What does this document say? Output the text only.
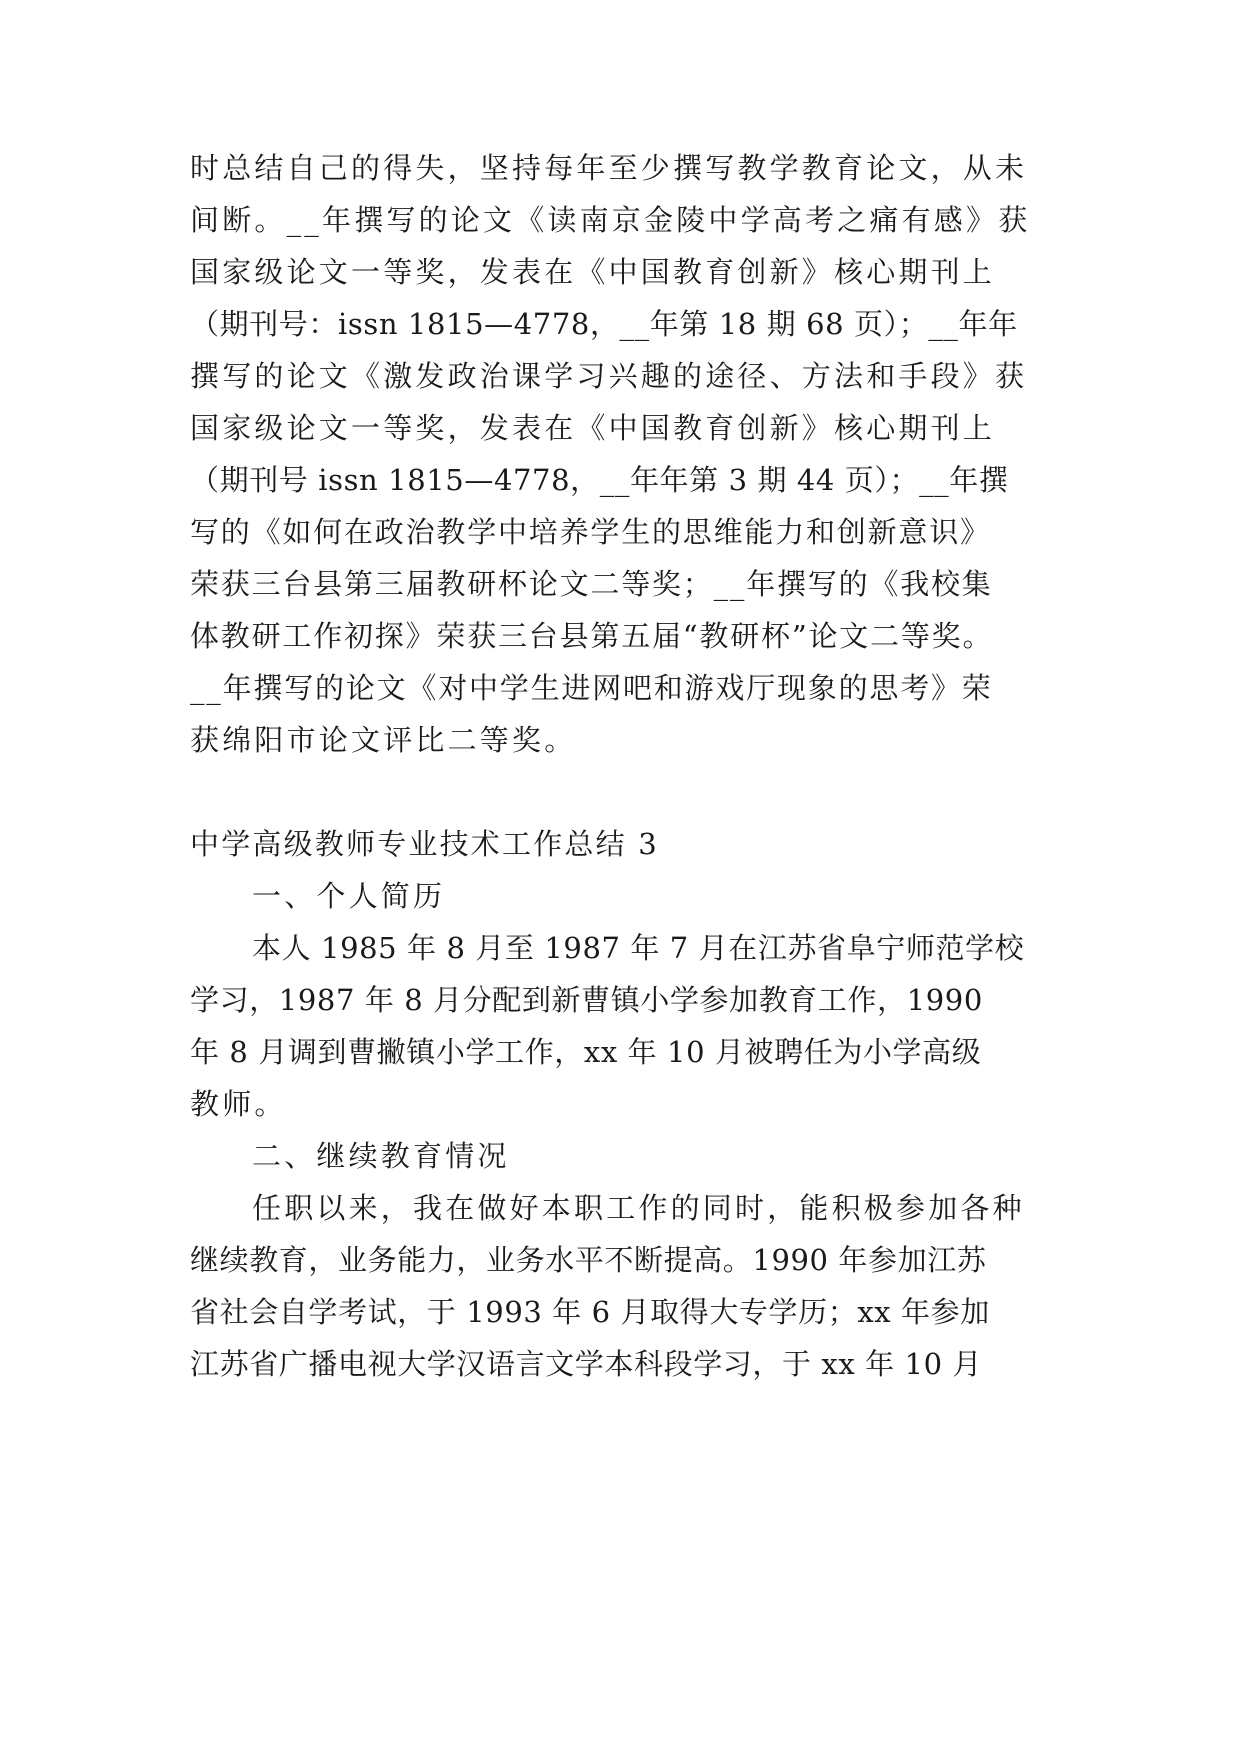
时总结自己的得失，坚持每年至少撰写教学教育论文，从未
间断。__年撰写的论文《读南京金陵中学高考之痛有感》获
国家级论文一等奖，发表在《中国教育创新》核心期刊上
（期刊号：issn 1815—4778，__年第 18 期 68 页）；__年年
撰写的论文《激发政治课学习兴趣的途径、方法和手段》获
国家级论文一等奖，发表在《中国教育创新》核心期刊上
（期刊号 issn 1815—4778，__年年第 3 期 44 页）；__年撰
写的《如何在政治教学中培养学生的思维能力和创新意识》
荣获三台县第三届教研杯论文二等奖；__年撰写的《我校集
体教研工作初探》荣获三台县第五届“教研杯”论文二等奖。
__年撰写的论文《对中学生进网吧和游戏厅现象的思考》荣
获绵阳市论文评比二等奖。
中学高级教师专业技术工作总结 3
一、个人简历
本人 1985 年 8 月至 1987 年 7 月在江苏省阜宁师范学校
学习，1987 年 8 月分配到新曹镇小学参加教育工作，1990
年 8 月调到曹撇镇小学工作，xx 年 10 月被聘任为小学高级
教师。
二、继续教育情况
任职以来，我在做好本职工作的同时，能积极参加各种
继续教育，业务能力，业务水平不断提高。1990 年参加江苏
省社会自学考试，于 1993 年 6 月取得大专学历；xx 年参加
江苏省广播电视大学汉语言文学本科段学习，于 xx 年 10 月
